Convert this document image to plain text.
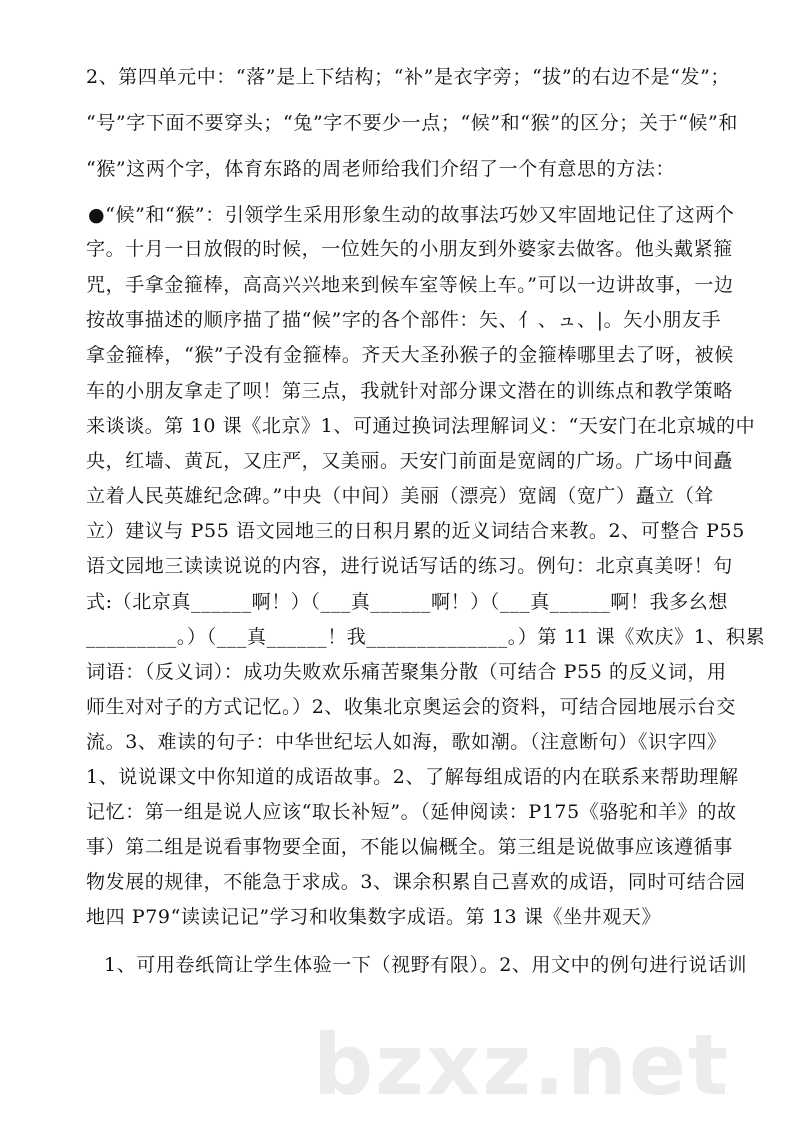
2、第四单元中：“落”是上下结构；“补”是衣字旁；“拔”的右边不是“发”；
“号”字下面不要穿头；“兔”字不要少一点；“候”和“猴”的区分；关于“候”和
“猴”这两个字，体育东路的周老师给我们介绍了一个有意思的方法：
●“候”和“猴”：引领学生采用形象生动的故事法巧妙又牢固地记住了这两个
字。十月一日放假的时候，一位姓矢的小朋友到外婆家去做客。他头戴紧箍
咒，手拿金箍棒，高高兴兴地来到候车室等候上车。”可以一边讲故事，一边
按故事描述的顺序描了描“候”字的各个部件：矢、亻、ュ、|。矢小朋友手
拿金箍棒，“猴”子没有金箍棒。齐天大圣孙猴子的金箍棒哪里去了呀，被候
车的小朋友拿走了呗！第三点，我就针对部分课文潜在的训练点和教学策略
来谈谈。第 10 课《北京》1、可通过换词法理解词义：“天安门在北京城的中
央，红墙、黄瓦，又庄严，又美丽。天安门前面是宽阔的广场。广场中间矗
立着人民英雄纪念碑。”中央（中间）美丽（漂亮）宽阔（宽广）矗立（耸
立）建议与 P55 语文园地三的日积月累的近义词结合来教。2、可整合 P55
语文园地三读读说说的内容，进行说话写话的练习。例句：北京真美呀！句
式:（北京真______啊！）（___真______啊！）（___真______啊！我多幺想
_________。）（___真______！我______________。）第 11 课《欢庆》1、积累
词语：（反义词）：成功失败欢乐痛苦聚集分散（可结合 P55 的反义词，用
师生对对子的方式记忆。）2、收集北京奥运会的资料，可结合园地展示台交
流。3、难读的句子：中华世纪坛人如海，歌如潮。（注意断句）《识字四》
1、说说课文中你知道的成语故事。2、了解每组成语的内在联系来帮助理解
记忆：第一组是说人应该“取长补短”。（延伸阅读：P175《骆驼和羊》的故
事）第二组是说看事物要全面，不能以偏概全。第三组是说做事应该遵循事
物发展的规律，不能急于求成。3、课余积累自己喜欢的成语，同时可结合园
地四 P79“读读记记”学习和收集数字成语。第 13 课《坐井观天》
1、可用卷纸筒让学生体验一下（视野有限）。2、用文中的例句进行说话训
bzxz.net
